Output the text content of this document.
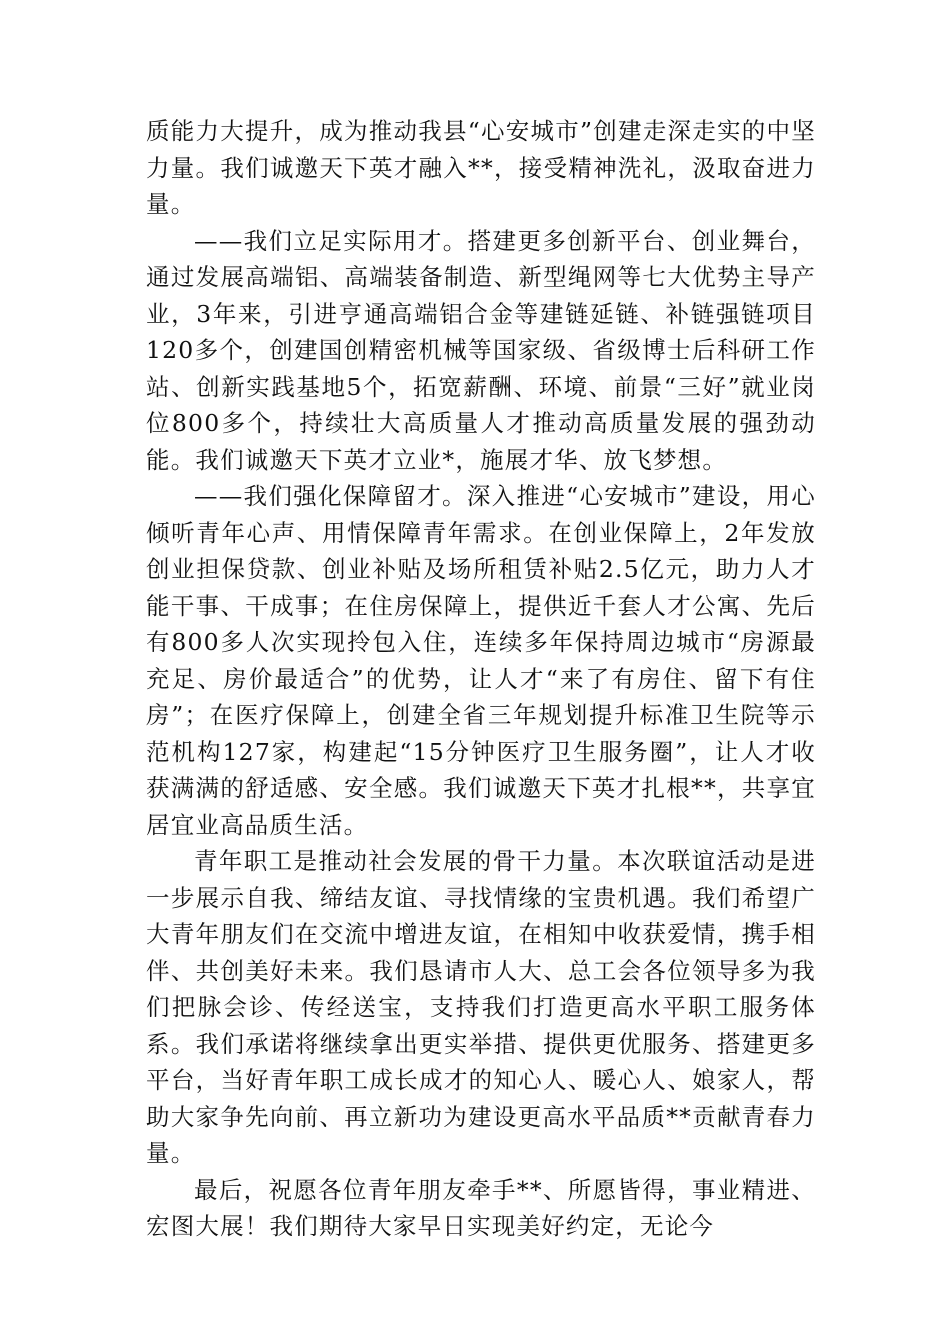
质能力大提升，成为推动我县“心安城市”创建走深走实的中坚力量。我们诚邀天下英才融入**，接受精神洗礼，汲取奋进力量。

——我们立足实际用才。搭建更多创新平台、创业舞台，通过发展高端铝、高端装备制造、新型绳网等七大优势主导产业，3年来，引进亨通高端铝合金等建链延链、补链强链项目120多个，创建国创精密机械等国家级、省级博士后科研工作站、创新实践基地5个，拓宽薪酬、环境、前景“三好”就业岗位800多个，持续壮大高质量人才推动高质量发展的强劲动能。我们诚邀天下英才立业*，施展才华、放飞梦想。

——我们强化保障留才。深入推进“心安城市”建设，用心倾听青年心声、用情保障青年需求。在创业保障上，2年发放创业担保贷款、创业补贴及场所租赁补贴2.5亿元，助力人才能干事、干成事；在住房保障上，提供近千套人才公寓、先后有800多人次实现拎包入住，连续多年保持周边城市“房源最充足、房价最适合”的优势，让人才“来了有房住、留下有住房”；在医疗保障上，创建全省三年规划提升标准卫生院等示范机构127家，构建起“15分钟医疗卫生服务圈”，让人才收获满满的舒适感、安全感。我们诚邀天下英才扎根**，共享宜居宜业高品质生活。

青年职工是推动社会发展的骨干力量。本次联谊活动是进一步展示自我、缔结友谊、寻找情缘的宝贵机遇。我们希望广大青年朋友们在交流中增进友谊，在相知中收获爱情，携手相伴、共创美好未来。我们恳请市人大、总工会各位领导多为我们把脉会诊、传经送宝，支持我们打造更高水平职工服务体系。我们承诺将继续拿出更实举措、提供更优服务、搭建更多平台，当好青年职工成长成才的知心人、暖心人、娘家人，帮助大家争先向前、再立新功为建设更高水平品质**贡献青春力量。

最后，祝愿各位青年朋友牵手**、所愿皆得，事业精进、宏图大展！我们期待大家早日实现美好约定，无论今
